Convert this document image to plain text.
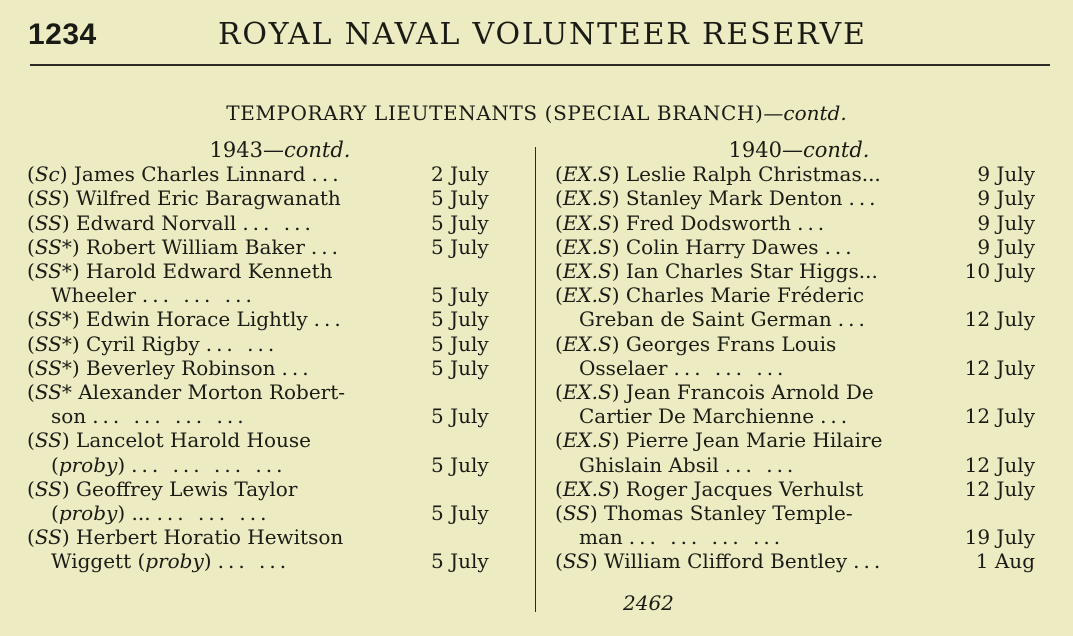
1234	ROYAL NAVAL VOLUNTEER RESERVE
TEMPORARY LIEUTENANTS (SPECIAL BRANCH)—contd.
1943—contd.
(Sc) James Charles Linnard ...	2 July
(SS) Wilfred Eric Baragwanath	5 July
(SS) Edward Norvall ... ...	5 July
(SS*) Robert William Baker ...	5 July
(SS*) Harold Edward Kenneth
Wheeler ... ... ...	5 July
(SS*) Edwin Horace Lightly ...	5 July
(SS*) Cyril Rigby ... ...	5 July
(SS*) Beverley Robinson ...	5 July
(SS* Alexander Morton Robert-
son ... ... ... ...	5 July
(SS) Lancelot Harold House
(proby) ... ... ... ...	5 July
(SS) Geoffrey Lewis Taylor
(proby) ... ... ... ...	5 July
(SS) Herbert Horatio Hewitson
Wiggett (proby) ... ...	5 July
1940—contd.
(EX.S) Leslie Ralph Christmas...	9 July
(EX.S) Stanley Mark Denton ...	9 July
(EX.S) Fred Dodsworth ...	9 July
(EX.S) Colin Harry Dawes ...	9 July
(EX.S) Ian Charles Star Higgs...	10 July
(EX.S) Charles Marie Fréderic
Greban de Saint German ...	12 July
(EX.S) Georges Frans Louis
Osselaer ... ... ...	12 July
(EX.S) Jean Francois Arnold De
Cartier De Marchienne ...	12 July
(EX.S) Pierre Jean Marie Hilaire
Ghislain Absil ... ...	12 July
(EX.S) Roger Jacques Verhulst	12 July
(SS) Thomas Stanley Temple-
man ... ... ... ...	19 July
(SS) William Clifford Bentley ...	1 Aug
2462
